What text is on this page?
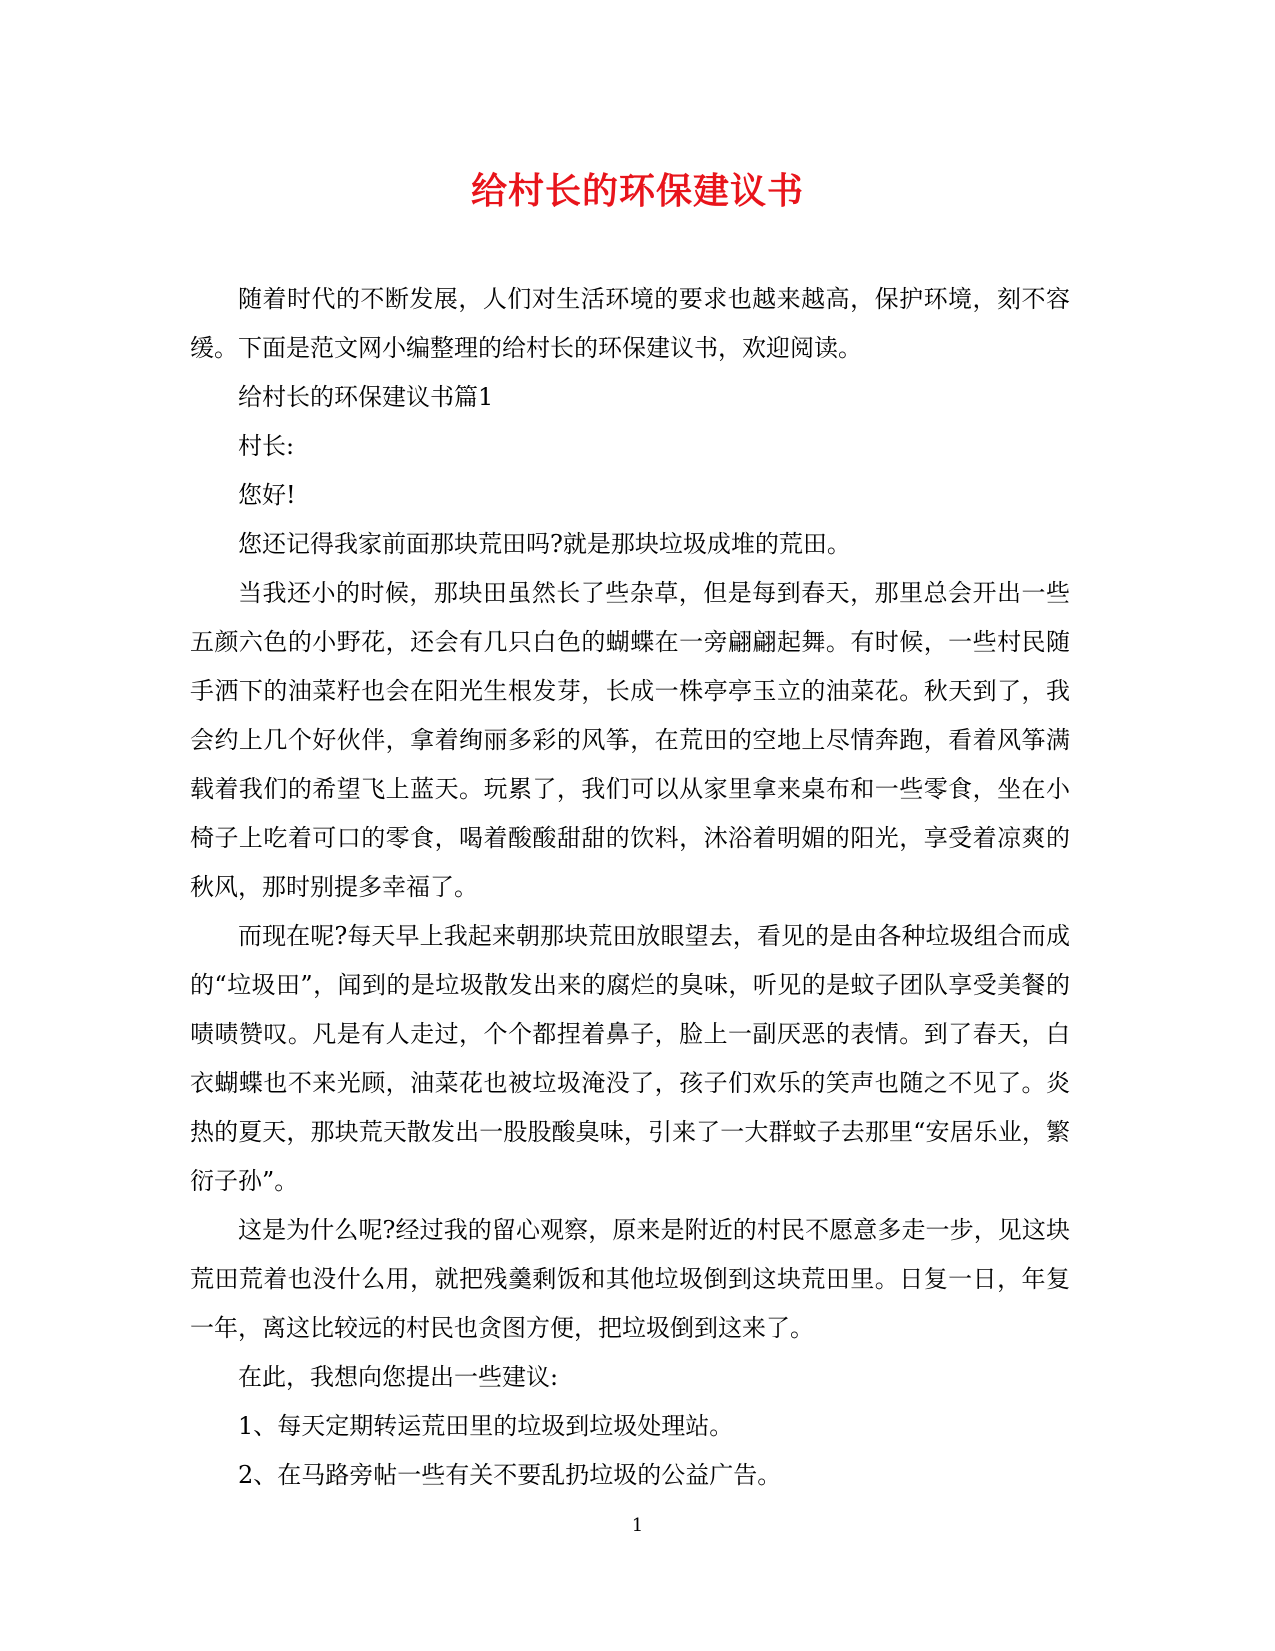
给村长的环保建议书

随着时代的不断发展，人们对生活环境的要求也越来越高，保护环境，刻不容缓。下面是范文网小编整理的给村长的环保建议书，欢迎阅读。

给村长的环保建议书篇1

村长:

您好!

您还记得我家前面那块荒田吗?就是那块垃圾成堆的荒田。

当我还小的时候，那块田虽然长了些杂草，但是每到春天，那里总会开出一些五颜六色的小野花，还会有几只白色的蝴蝶在一旁翩翩起舞。有时候，一些村民随手洒下的油菜籽也会在阳光生根发芽，长成一株亭亭玉立的油菜花。秋天到了，我会约上几个好伙伴，拿着绚丽多彩的风筝，在荒田的空地上尽情奔跑，看着风筝满载着我们的希望飞上蓝天。玩累了，我们可以从家里拿来桌布和一些零食，坐在小椅子上吃着可口的零食，喝着酸酸甜甜的饮料，沐浴着明媚的阳光，享受着凉爽的秋风，那时别提多幸福了。

而现在呢?每天早上我起来朝那块荒田放眼望去，看见的是由各种垃圾组合而成的“垃圾田”，闻到的是垃圾散发出来的腐烂的臭味，听见的是蚊子团队享受美餐的啧啧赞叹。凡是有人走过，个个都捏着鼻子，脸上一副厌恶的表情。到了春天，白衣蝴蝶也不来光顾，油菜花也被垃圾淹没了，孩子们欢乐的笑声也随之不见了。炎热的夏天，那块荒天散发出一股股酸臭味，引来了一大群蚊子去那里“安居乐业，繁衍子孙”。

这是为什么呢?经过我的留心观察，原来是附近的村民不愿意多走一步，见这块荒田荒着也没什么用，就把残羹剩饭和其他垃圾倒到这块荒田里。日复一日，年复一年，离这比较远的村民也贪图方便，把垃圾倒到这来了。

在此，我想向您提出一些建议:

1、每天定期转运荒田里的垃圾到垃圾处理站。

2、在马路旁帖一些有关不要乱扔垃圾的公益广告。

1
